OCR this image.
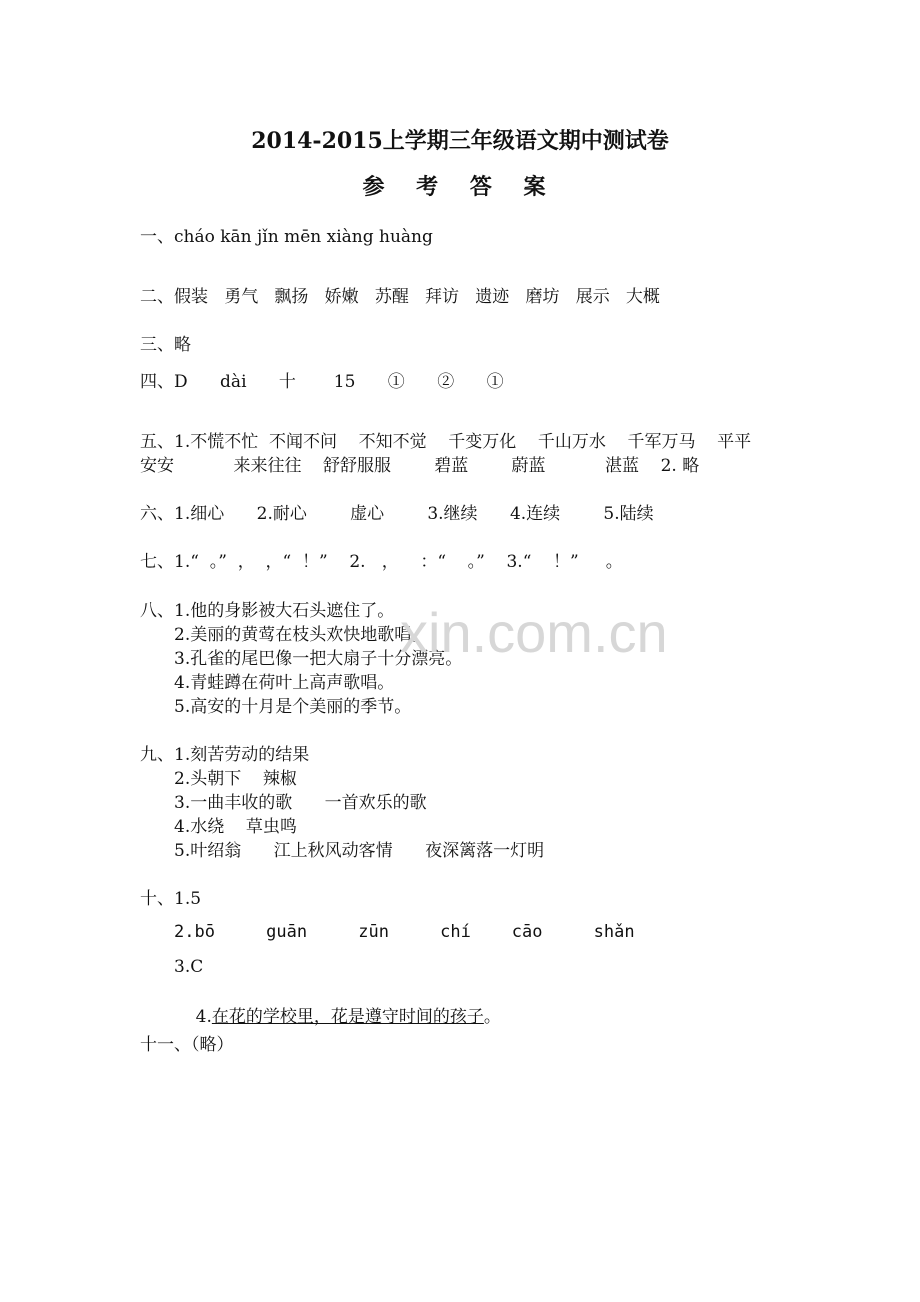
2014-2015上学期三年级语文期中测试卷
参 考 答 案
一、cháo kān jǐn mēn xiàng huàng
二、假装   勇气   飘扬   娇嫩   苏醒   拜访   遗迹   磨坊   展示   大概
三、略
四、D      dài      十       15      ①      ②      ①
五、1.不慌不忙  不闻不问    不知不觉    千变万化    千山万水    千军万马    平平
安安           来来往往    舒舒服服        碧蓝        蔚蓝           湛蓝    2. 略
六、1.细心      2.耐心        虚心        3.继续      4.连续        5.陆续
七、1.“  。”  ，  ，“  ！”    2.   ，    ：“    。”    3.“    ！”     。
八、1.他的身影被大石头遮住了。
2.美丽的黄莺在枝头欢快地歌唱。
3.孔雀的尾巴像一把大扇子十分漂亮。
4.青蛙蹲在荷叶上高声歌唱。
5.高安的十月是个美丽的季节。
九、1.刻苦劳动的结果
2.头朝下    辣椒
3.一曲丰收的歌      一首欢乐的歌
4.水绕    草虫鸣
5.叶绍翁      江上秋风动客情      夜深篱落一灯明
十、1.5
2.bō     guān     zūn     chí    cāo     shǎn
3.C

4.在花的学校里，花是遵守时间的孩子。

十一、（略）
xin.com.cn
